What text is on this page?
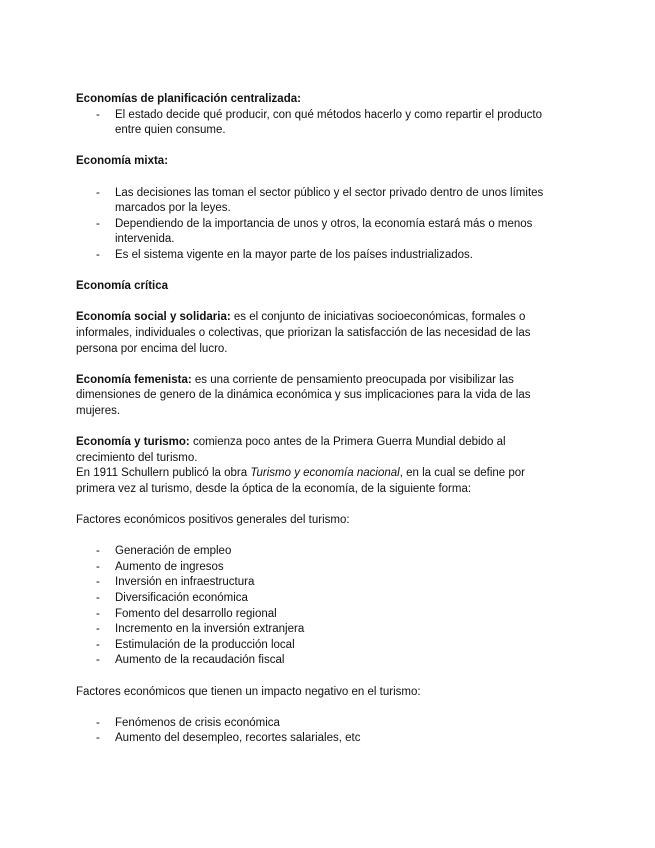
Economías de planificación centralizada:

- El estado decide qué producir, con qué métodos hacerlo y como repartir el producto entre quien consume.

Economía mixta:

- Las decisiones las toman el sector público y el sector privado dentro de unos límites marcados por la leyes.
- Dependiendo de la importancia de unos y otros, la economía estará más o menos intervenida.
- Es el sistema vigente en la mayor parte de los países industrializados.

Economía crítica

Economía social y solidaria: es el conjunto de iniciativas socioeconómicas, formales o informales, individuales o colectivas, que priorizan la satisfacción de las necesidad de las persona por encima del lucro.

Economía femenista: es una corriente de pensamiento preocupada por visibilizar las dimensiones de genero de la dinámica económica y sus implicaciones para la vida de las mujeres.

Economía y turismo: comienza poco antes de la Primera Guerra Mundial debido al crecimiento del turismo.

En 1911 Schullern publicó la obra Turismo y economía nacional, en la cual se define por primera vez al turismo, desde la óptica de la economía, de la siguiente forma:

Factores económicos positivos generales del turismo:

- Generación de empleo
- Aumento de ingresos
- Inversión en infraestructura
- Diversificación económica
- Fomento del desarrollo regional
- Incremento en la inversión extranjera
- Estimulación de la producción local
- Aumento de la recaudación fiscal

Factores económicos que tienen un impacto negativo en el turismo:

- Fenómenos de crisis económica
- Aumento del desempleo, recortes salariales, etc
